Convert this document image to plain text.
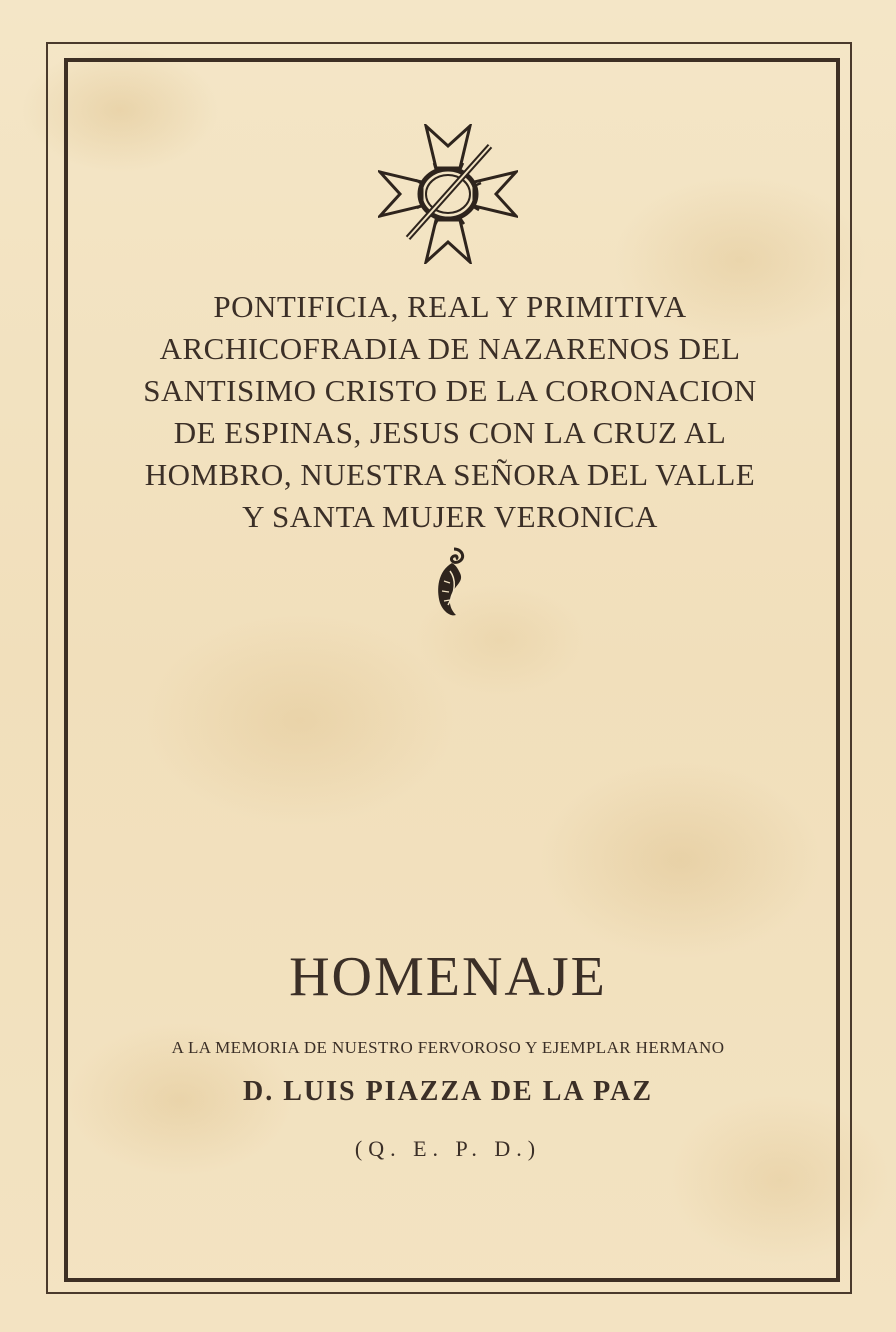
PONTIFICIA, REAL Y PRIMITIVA
ARCHICOFRADIA DE NAZARENOS DEL
SANTISIMO CRISTO DE LA CORONACION
DE ESPINAS, JESUS CON LA CRUZ AL
HOMBRO, NUESTRA SEÑORA DEL VALLE
Y SANTA MUJER VERONICA
HOMENAJE
A LA MEMORIA DE NUESTRO FERVOROSO Y EJEMPLAR HERMANO
D. LUIS PIAZZA DE LA PAZ
(Q. E. P. D.)
